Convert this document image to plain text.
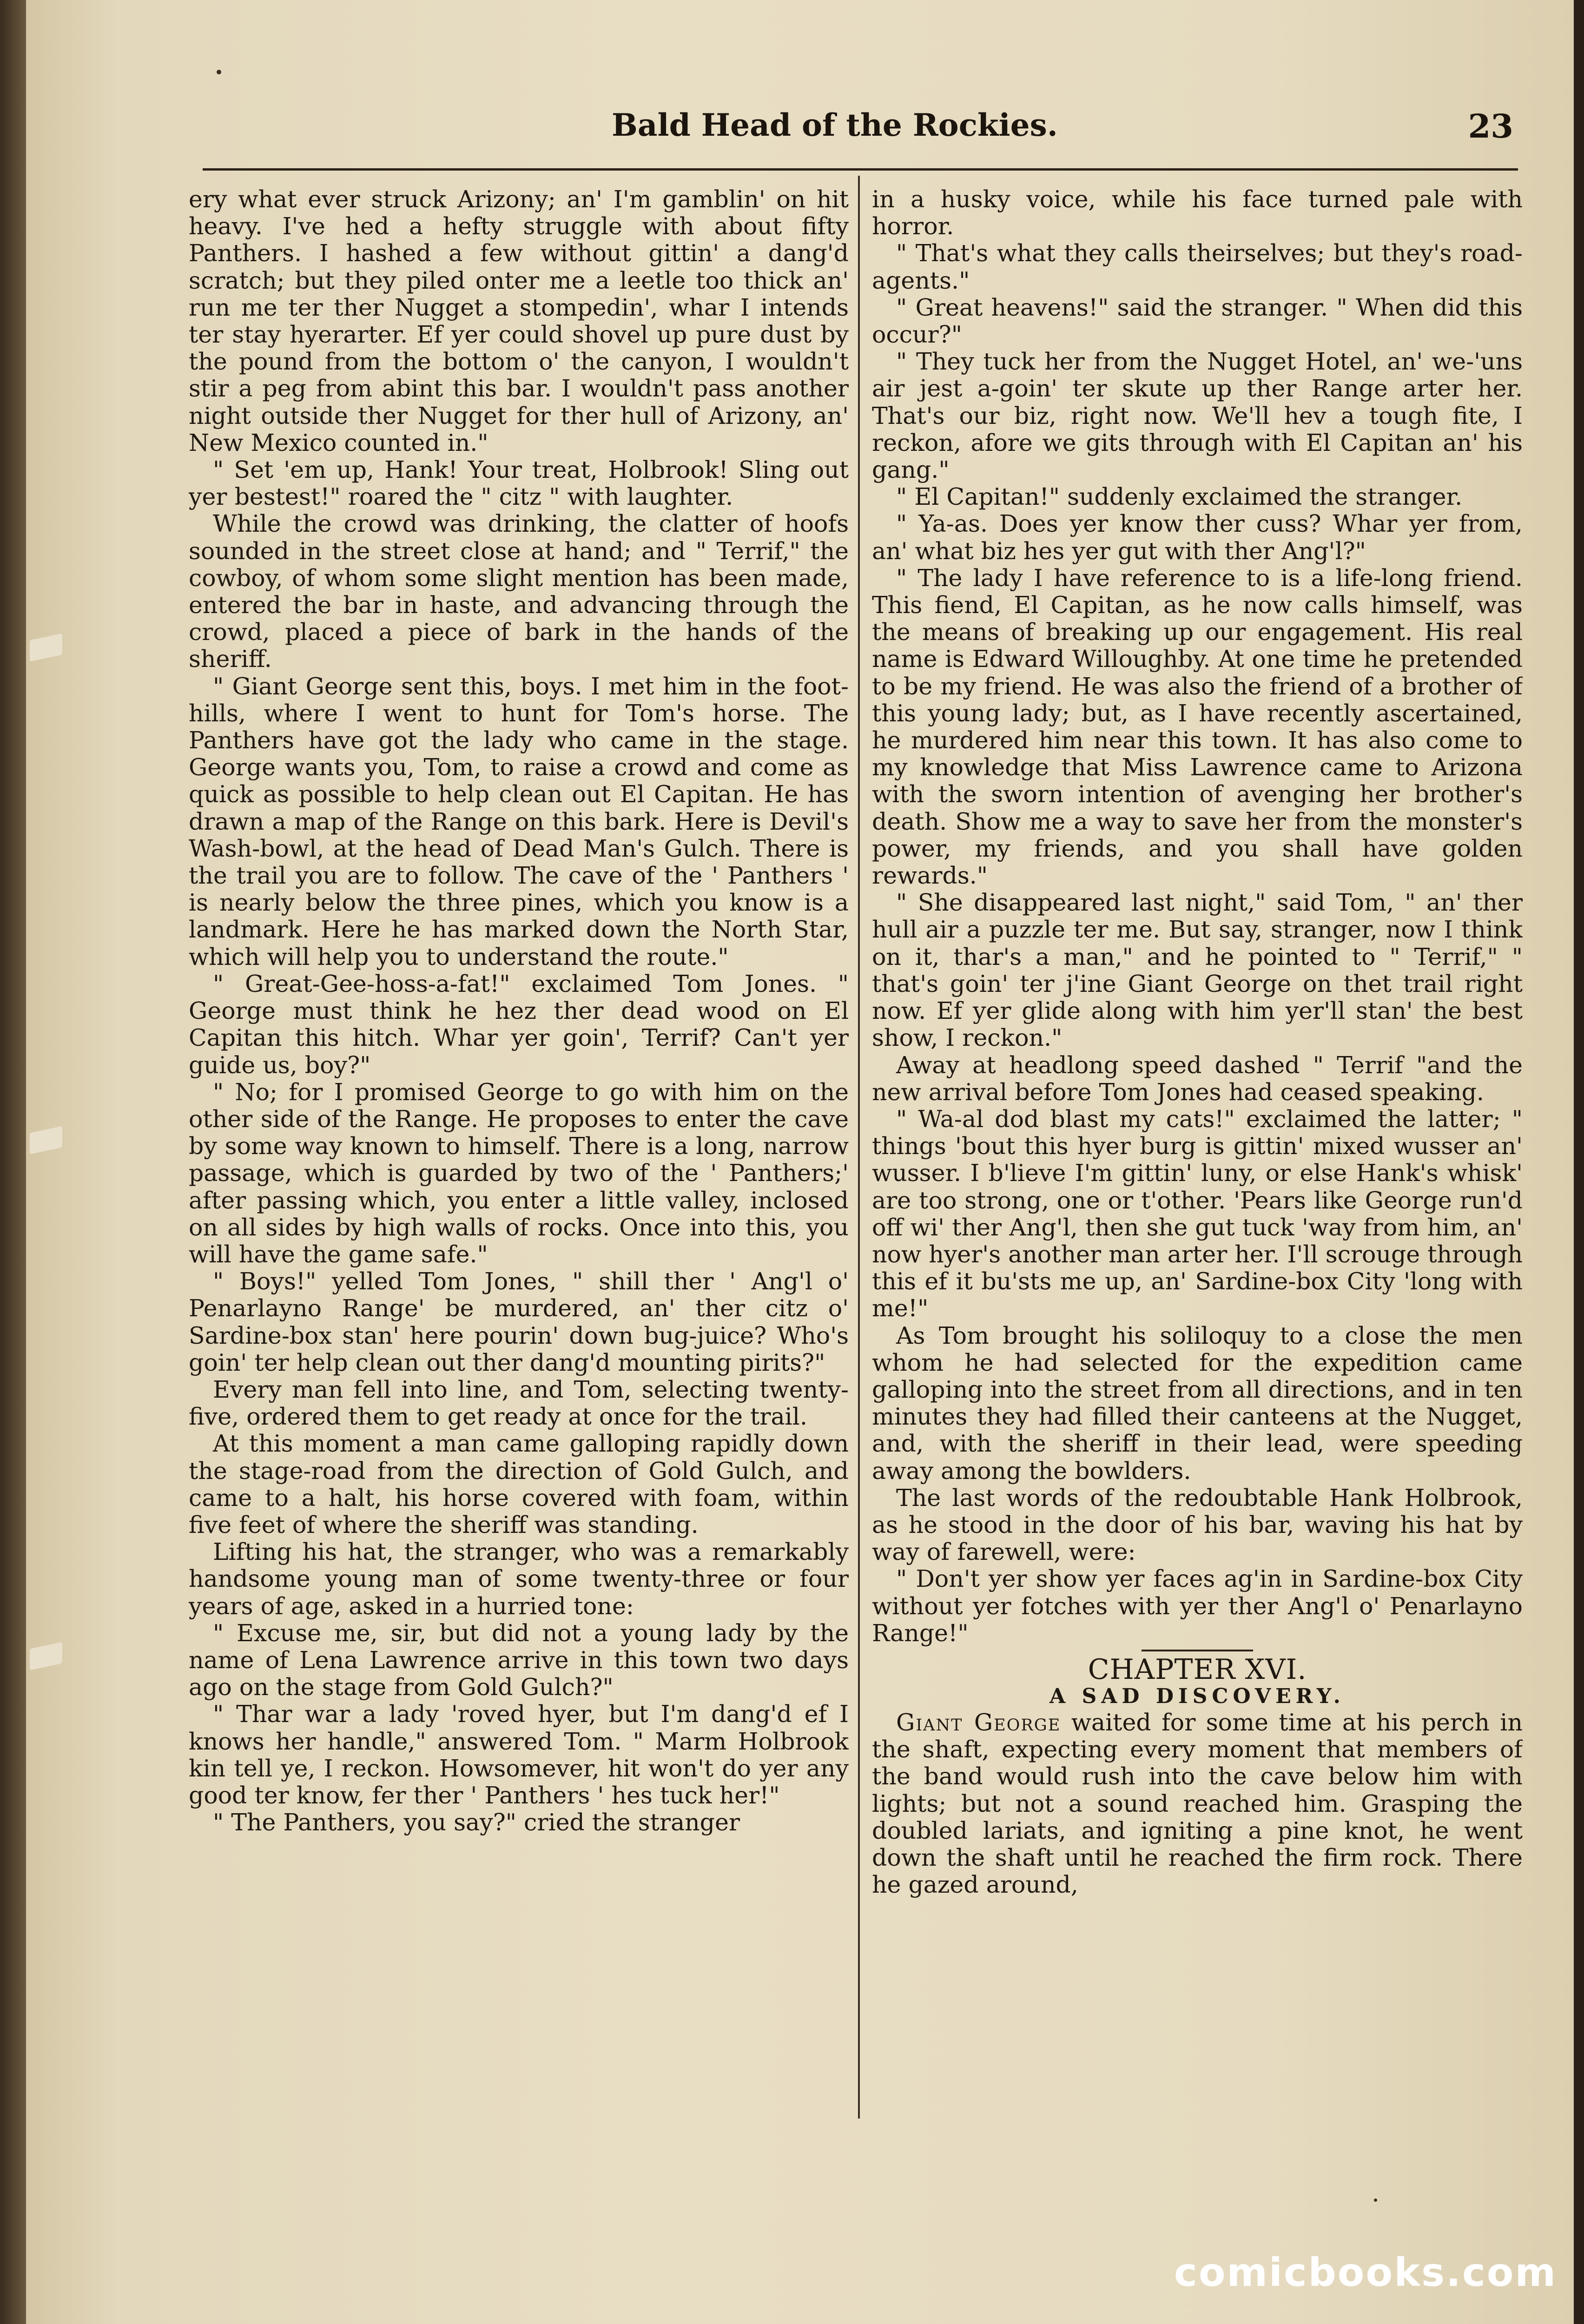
Bald Head of the Rockies.	23

ery what ever struck Arizony; an' I'm gamblin' on hit heavy. I've hed a hefty struggle with about fifty Panthers. I hashed a few without gittin' a dang'd scratch; but they piled onter me a leetle too thick an' run me ter ther Nugget a stompedin', whar I intends ter stay hyerarter. Ef yer could shovel up pure dust by the pound from the bottom o' the canyon, I wouldn't stir a peg from abint this bar. I wouldn't pass another night outside ther Nugget for ther hull of Arizony, an' New Mexico counted in."

" Set 'em up, Hank! Your treat, Holbrook! Sling out yer bestest!" roared the " citz " with laughter.

While the crowd was drinking, the clatter of hoofs sounded in the street close at hand; and " Terrif," the cowboy, of whom some slight mention has been made, entered the bar in haste, and advancing through the crowd, placed a piece of bark in the hands of the sheriff.

" Giant George sent this, boys. I met him in the foot-hills, where I went to hunt for Tom's horse. The Panthers have got the lady who came in the stage. George wants you, Tom, to raise a crowd and come as quick as possible to help clean out El Capitan. He has drawn a map of the Range on this bark. Here is Devil's Wash-bowl, at the head of Dead Man's Gulch. There is the trail you are to follow. The cave of the ' Panthers ' is nearly below the three pines, which you know is a landmark. Here he has marked down the North Star, which will help you to understand the route."

" Great-Gee-hoss-a-fat!" exclaimed Tom Jones. " George must think he hez ther dead wood on El Capitan this hitch. Whar yer goin', Terrif? Can't yer guide us, boy?"

" No; for I promised George to go with him on the other side of the Range. He proposes to enter the cave by some way known to himself. There is a long, narrow passage, which is guarded by two of the ' Panthers;' after passing which, you enter a little valley, inclosed on all sides by high walls of rocks. Once into this, you will have the game safe."

" Boys!" yelled Tom Jones, " shill ther ' Ang'l o' Penarlayno Range' be murdered, an' ther citz o' Sardine-box stan' here pourin' down bug-juice? Who's goin' ter help clean out ther dang'd mounting pirits?"

Every man fell into line, and Tom, selecting twenty-five, ordered them to get ready at once for the trail.

At this moment a man came galloping rapidly down the stage-road from the direction of Gold Gulch, and came to a halt, his horse covered with foam, within five feet of where the sheriff was standing.

Lifting his hat, the stranger, who was a remarkably handsome young man of some twenty-three or four years of age, asked in a hurried tone:

" Excuse me, sir, but did not a young lady by the name of Lena Lawrence arrive in this town two days ago on the stage from Gold Gulch?"

" Thar war a lady 'roved hyer, but I'm dang'd ef I knows her handle," answered Tom. " Marm Holbrook kin tell ye, I reckon. Howsomever, hit won't do yer any good ter know, fer ther ' Panthers ' hes tuck her!"

" The Panthers, you say?" cried the stranger

in a husky voice, while his face turned pale with horror.

" That's what they calls theirselves; but they's road-agents."

" Great heavens!" said the stranger. " When did this occur?"

" They tuck her from the Nugget Hotel, an' we-'uns air jest a-goin' ter skute up ther Range arter her. That's our biz, right now. We'll hev a tough fite, I reckon, afore we gits through with El Capitan an' his gang."

" El Capitan!" suddenly exclaimed the stranger.

" Ya-as. Does yer know ther cuss? Whar yer from, an' what biz hes yer gut with ther Ang'l?"

" The lady I have reference to is a life-long friend. This fiend, El Capitan, as he now calls himself, was the means of breaking up our engagement. His real name is Edward Willoughby. At one time he pretended to be my friend. He was also the friend of a brother of this young lady; but, as I have recently ascertained, he murdered him near this town. It has also come to my knowledge that Miss Lawrence came to Arizona with the sworn intention of avenging her brother's death. Show me a way to save her from the monster's power, my friends, and you shall have golden rewards."

" She disappeared last night," said Tom, " an' ther hull air a puzzle ter me. But say, stranger, now I think on it, thar's a man," and he pointed to " Terrif," " that's goin' ter j'ine Giant George on thet trail right now. Ef yer glide along with him yer'll stan' the best show, I reckon."

Away at headlong speed dashed " Terrif "and the new arrival before Tom Jones had ceased speaking.

" Wa-al dod blast my cats!" exclaimed the latter; " things 'bout this hyer burg is gittin' mixed wusser an' wusser. I b'lieve I'm gittin' luny, or else Hank's whisk' are too strong, one or t'other. 'Pears like George run'd off wi' ther Ang'l, then she gut tuck 'way from him, an' now hyer's another man arter her. I'll scrouge through this ef it bu'sts me up, an' Sardine-box City 'long with me!"

As Tom brought his soliloquy to a close the men whom he had selected for the expedition came galloping into the street from all directions, and in ten minutes they had filled their canteens at the Nugget, and, with the sheriff in their lead, were speeding away among the bowlders.

The last words of the redoubtable Hank Holbrook, as he stood in the door of his bar, waving his hat by way of farewell, were:

" Don't yer show yer faces ag'in in Sardine-box City without yer fotches with yer ther Ang'l o' Penarlayno Range!"

CHAPTER XVI.
A SAD DISCOVERY.

Giant George waited for some time at his perch in the shaft, expecting every moment that members of the band would rush into the cave below him with lights; but not a sound reached him. Grasping the doubled lariats, and igniting a pine knot, he went down the shaft until he reached the firm rock. There he gazed around,

comicbooks.com
